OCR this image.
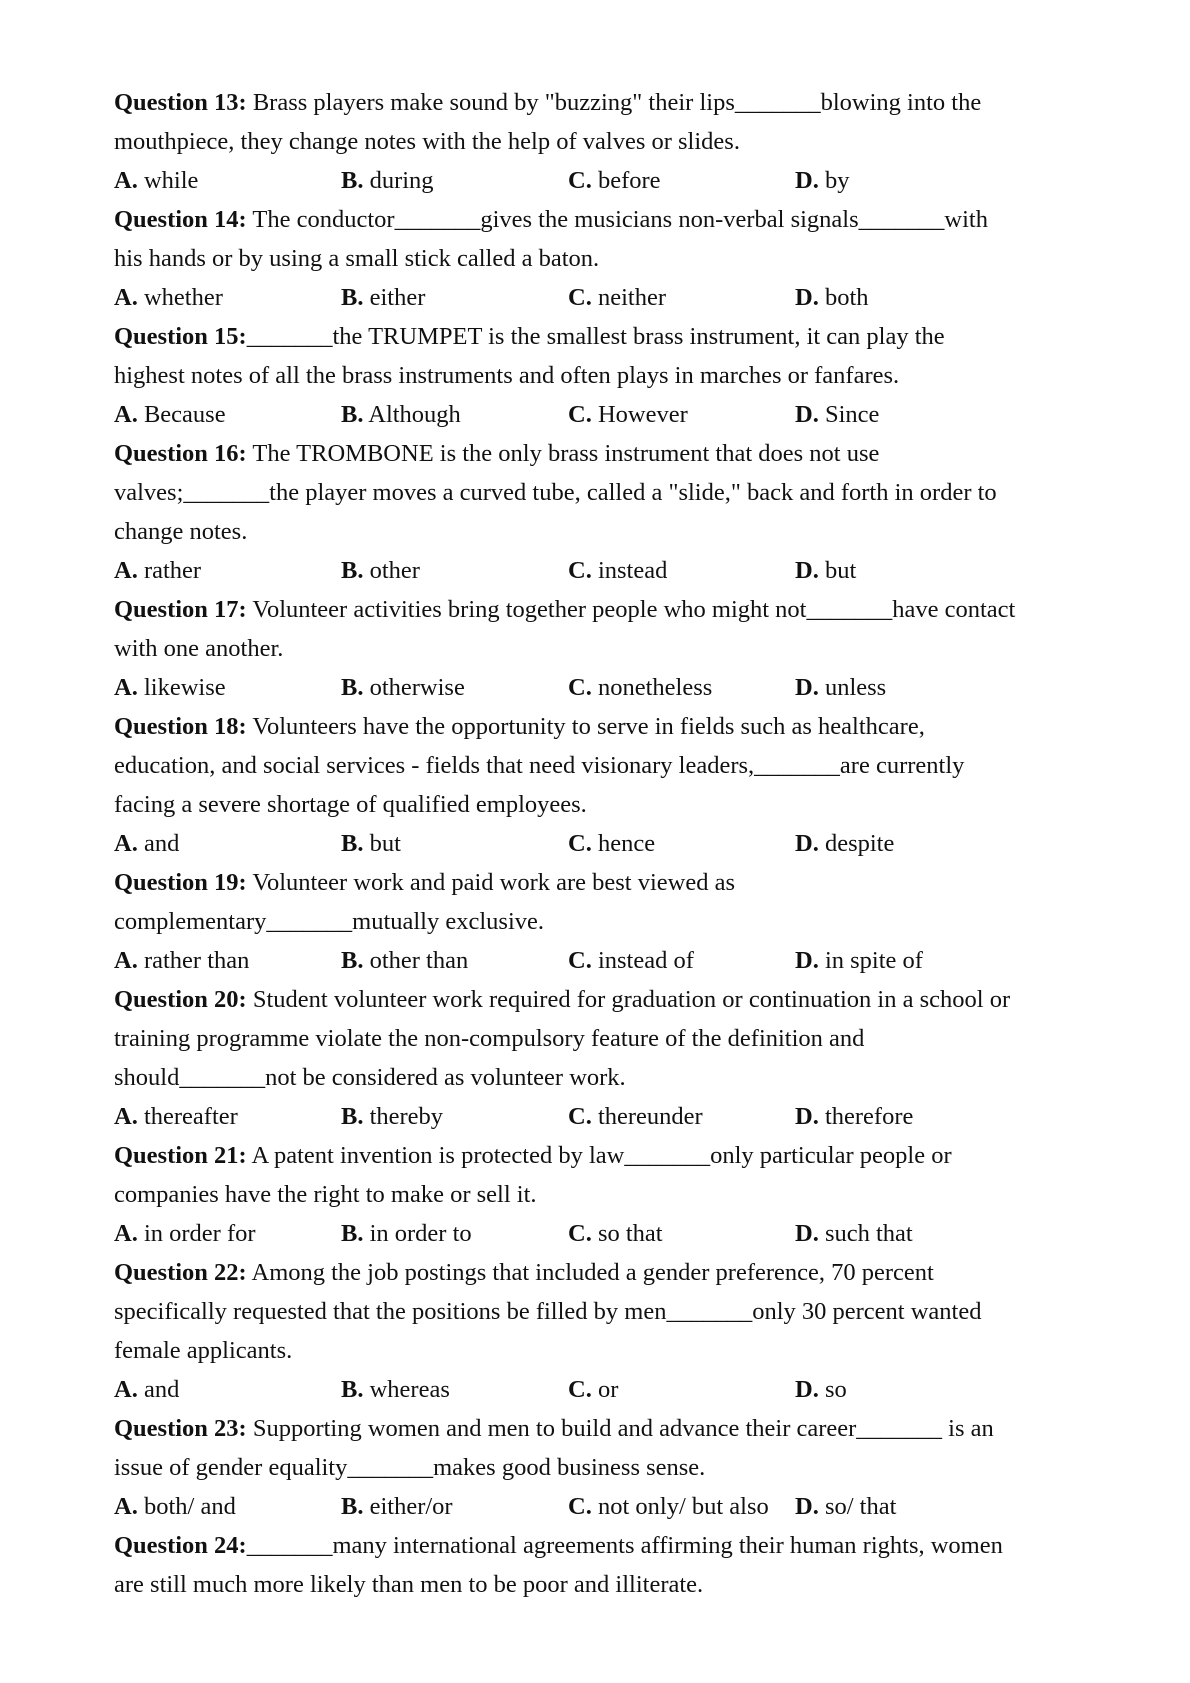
Question 13: Brass players make sound by "buzzing" their lips_______blowing into the
mouthpiece, they change notes with the help of valves or slides.
A. while	B. during	C. before	D. by
Question 14: The conductor_______gives the musicians non-verbal signals_______with
his hands or by using a small stick called a baton.
A. whether	B. either	C. neither	D. both
Question 15:_______the TRUMPET is the smallest brass instrument, it can play the
highest notes of all the brass instruments and often plays in marches or fanfares.
A. Because	B. Although	C. However	D. Since
Question 16: The TROMBONE is the only brass instrument that does not use
valves;_______the player moves a curved tube, called a "slide," back and forth in order to
change notes.
A. rather	B. other	C. instead	D. but
Question 17: Volunteer activities bring together people who might not_______have contact
with one another.
A. likewise	B. otherwise	C. nonetheless	D. unless
Question 18: Volunteers have the opportunity to serve in fields such as healthcare,
education, and social services - fields that need visionary leaders,_______are currently
facing a severe shortage of qualified employees.
A. and	B. but	C. hence	D. despite
Question 19: Volunteer work and paid work are best viewed as
complementary_______mutually exclusive.
A. rather than	B. other than	C. instead of	D. in spite of
Question 20: Student volunteer work required for graduation or continuation in a school or
training programme violate the non-compulsory feature of the definition and
should_______not be considered as volunteer work.
A. thereafter	B. thereby	C. thereunder	D. therefore
Question 21: A patent invention is protected by law_______only particular people or
companies have the right to make or sell it.
A. in order for	B. in order to	C. so that	D. such that
Question 22: Among the job postings that included a gender preference, 70 percent
specifically requested that the positions be filled by men_______only 30 percent wanted
female applicants.
A. and	B. whereas	C. or	D. so
Question 23: Supporting women and men to build and advance their career_______ is an
issue of gender equality_______makes good business sense.
A. both/ and	B. either/or	C. not only/ but also D. so/ that
Question 24:_______many international agreements affirming their human rights, women
are still much more likely than men to be poor and illiterate.
